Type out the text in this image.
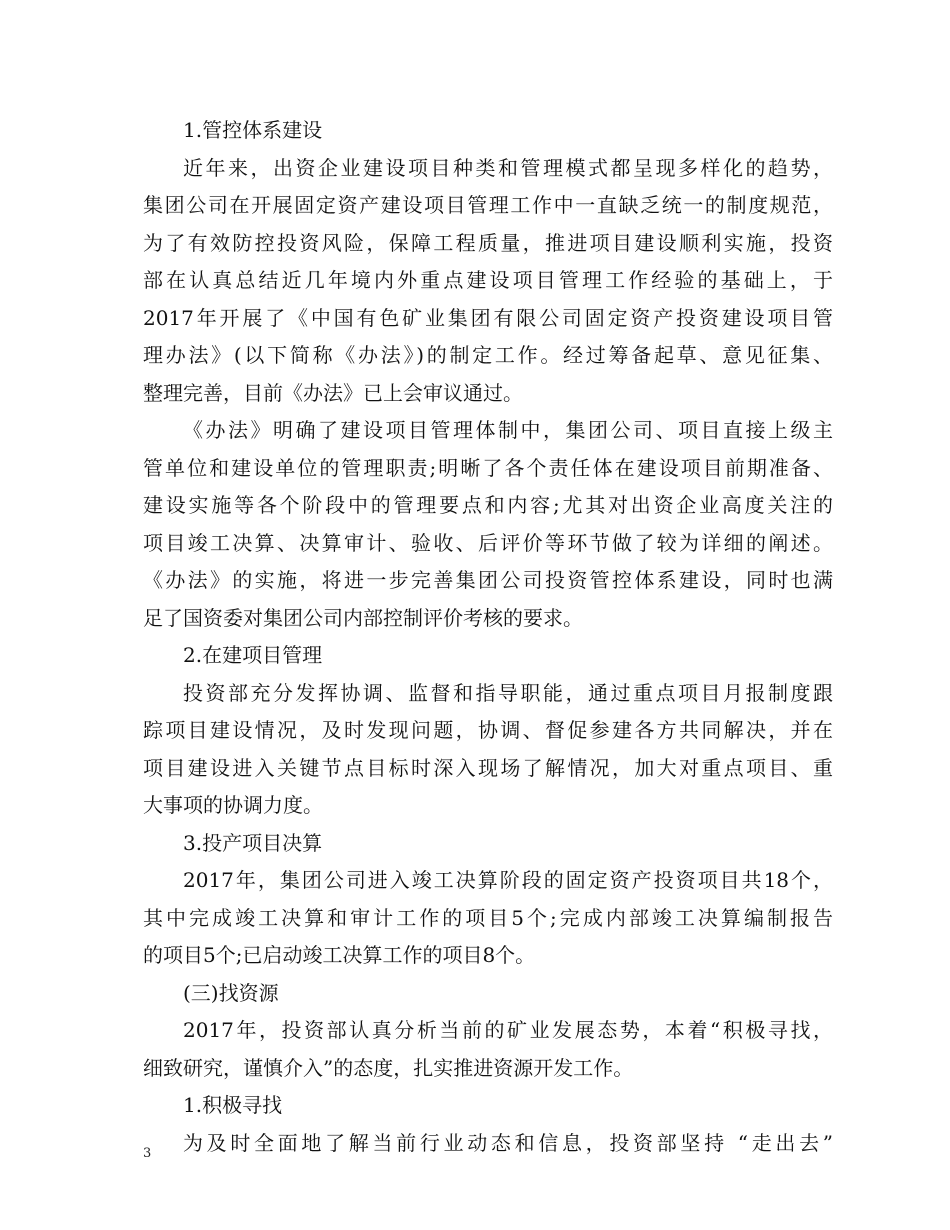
1.管控体系建设
近年来，出资企业建设项目种类和管理模式都呈现多样化的趋势，
集团公司在开展固定资产建设项目管理工作中一直缺乏统一的制度规范，
为了有效防控投资风险，保障工程质量，推进项目建设顺利实施，投资
部在认真总结近几年境内外重点建设项目管理工作经验的基础上，于
2017年开展了《中国有色矿业集团有限公司固定资产投资建设项目管
理办法》(以下简称《办法》)的制定工作。经过筹备起草、意见征集、
整理完善，目前《办法》已上会审议通过。
《办法》明确了建设项目管理体制中，集团公司、项目直接上级主
管单位和建设单位的管理职责;明晰了各个责任体在建设项目前期准备、
建设实施等各个阶段中的管理要点和内容;尤其对出资企业高度关注的
项目竣工决算、决算审计、验收、后评价等环节做了较为详细的阐述。
《办法》的实施，将进一步完善集团公司投资管控体系建设，同时也满
足了国资委对集团公司内部控制评价考核的要求。
2.在建项目管理
投资部充分发挥协调、监督和指导职能，通过重点项目月报制度跟
踪项目建设情况，及时发现问题，协调、督促参建各方共同解决，并在
项目建设进入关键节点目标时深入现场了解情况，加大对重点项目、重
大事项的协调力度。
3.投产项目决算
2017年，集团公司进入竣工决算阶段的固定资产投资项目共18个，
其中完成竣工决算和审计工作的项目5个;完成内部竣工决算编制报告
的项目5个;已启动竣工决算工作的项目8个。
(三)找资源
2017年，投资部认真分析当前的矿业发展态势，本着“积极寻找，
细致研究，谨慎介入”的态度，扎实推进资源开发工作。
1.积极寻找
为及时全面地了解当前行业动态和信息，投资部坚持 “走出去”
3
